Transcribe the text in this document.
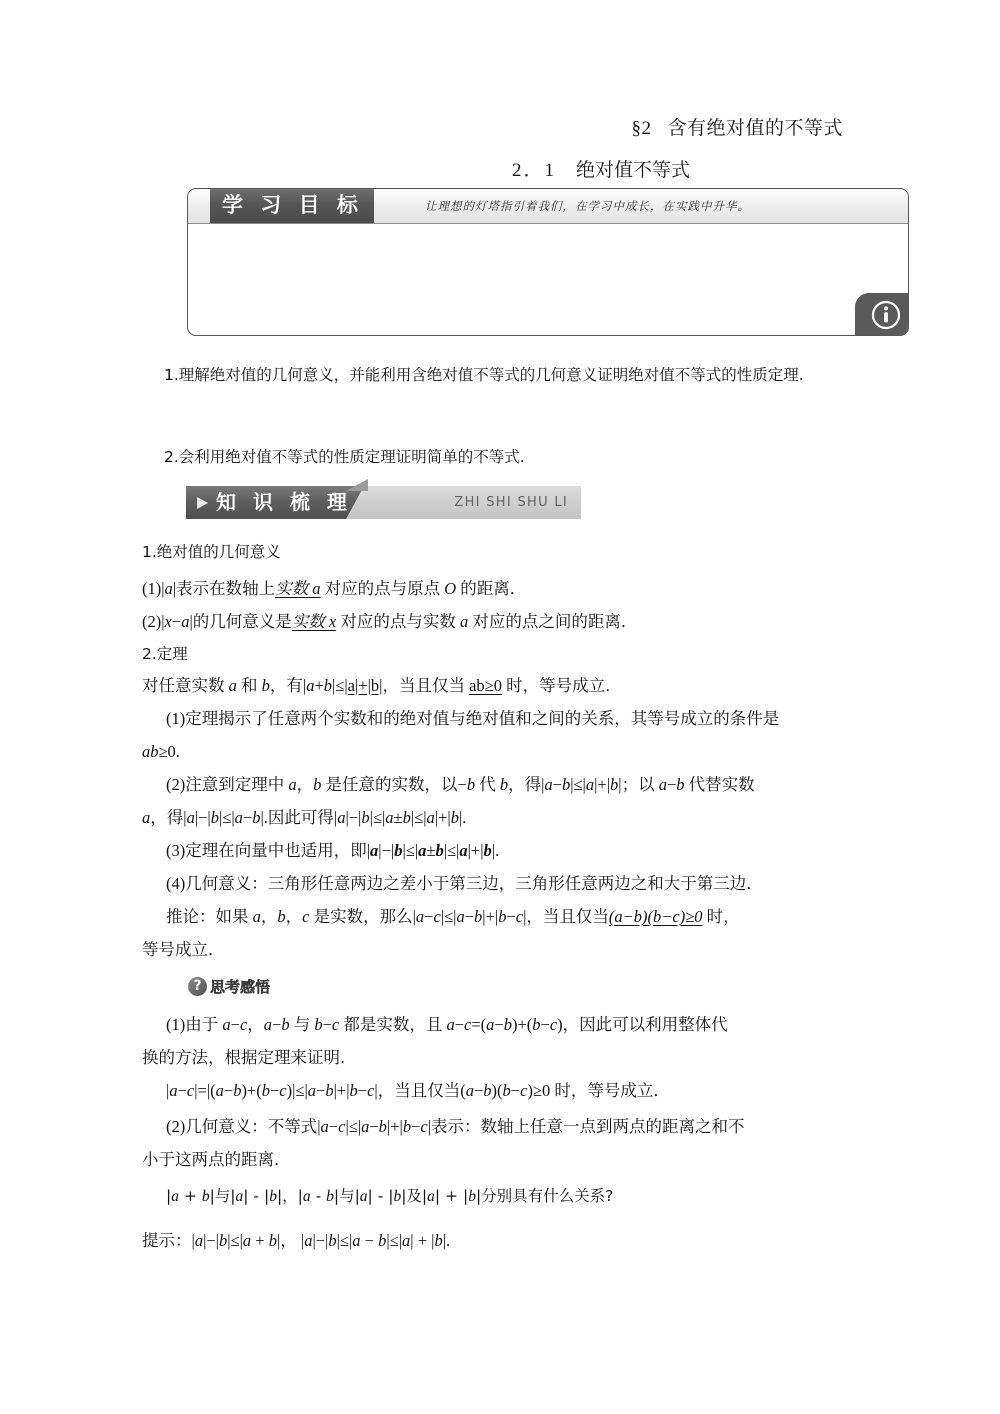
§2 含有绝对值的不等式
2．1 绝对值不等式
学 习 目 标	让理想的灯塔指引着我们，在学习中成长，在实践中升华。
1.理解绝对值的几何意义，并能利用含绝对值不等式的几何意义证明绝对值不等式的性质定理.
2.会利用绝对值不等式的性质定理证明简单的不等式.
知 识 梳 理	ZHI SHI SHU LI
1.绝对值的几何意义
(1)|a|表示在数轴上实数 a 对应的点与原点 O 的距离．
(2)|x−a|的几何意义是实数 x 对应的点与实数 a 对应的点之间的距离．
2.定理
对任意实数 a 和 b，有|a+b|≤|a|+|b|，当且仅当 ab≥0 时，等号成立．
(1)定理揭示了任意两个实数和的绝对值与绝对值和之间的关系，其等号成立的条件是
ab≥0.
(2)注意到定理中 a，b 是任意的实数，以−b 代 b，得|a−b|≤|a|+|b|；以 a−b 代替实数
a，得|a|−|b|≤|a−b|.因此可得|a|−|b|≤|a±b|≤|a|+|b|.
(3)定理在向量中也适用，即|a|−|b|≤|a±b|≤|a|+|b|.
(4)几何意义：三角形任意两边之差小于第三边，三角形任意两边之和大于第三边．
推论：如果 a，b，c 是实数，那么|a−c|≤|a−b|+|b−c|，当且仅当(a−b)(b−c)≥0 时，
等号成立．
? 思考感悟
(1)由于 a−c，a−b 与 b−c 都是实数，且 a−c=(a−b)+(b−c)，因此可以利用整体代
换的方法，根据定理来证明．
|a−c|=|(a−b)+(b−c)|≤|a−b|+|b−c|，当且仅当(a−b)(b−c)≥0 时，等号成立．
(2)几何意义：不等式|a−c|≤|a−b|+|b−c|表示：数轴上任意一点到两点的距离之和不
小于这两点的距离．
|a + b|与|a| - |b|，|a - b|与|a| - |b|及|a| + |b|分别具有什么关系?
提示：|a|−|b|≤|a + b|， |a|−|b|≤|a − b|≤|a| + |b|.
